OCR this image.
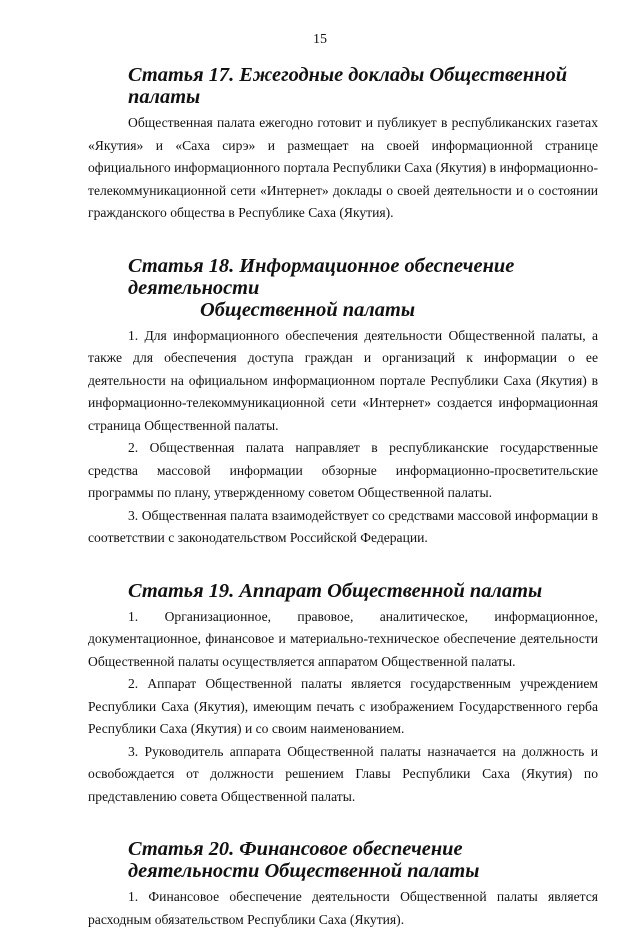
15
Статья 17. Ежегодные доклады Общественной палаты

Общественная палата ежегодно готовит и публикует в республиканских газетах «Якутия» и «Саха сирэ» и размещает на своей информационной странице официального информационного портала Республики Саха (Якутия) в информационно-телекоммуникационной сети «Интернет» доклады о своей деятельности и о состоянии гражданского общества в Республике Саха (Якутия).

Статья 18. Информационное обеспечение деятельности
Общественной палаты

1. Для информационного обеспечения деятельности Общественной палаты, а также для обеспечения доступа граждан и организаций к информации о ее деятельности на официальном информационном портале Республики Саха (Якутия) в информационно-телекоммуникационной сети «Интернет» создается информационная страница Общественной палаты.

2. Общественная палата направляет в республиканские государственные средства массовой информации обзорные информационно-просветительские программы по плану, утвержденному советом Общественной палаты.

3. Общественная палата взаимодействует со средствами массовой информации в соответствии с законодательством Российской Федерации.

Статья 19. Аппарат Общественной палаты

1. Организационное, правовое, аналитическое, информационное, документационное, финансовое и материально-техническое обеспечение деятельности Общественной палаты осуществляется аппаратом Общественной палаты.

2. Аппарат Общественной палаты является государственным учреждением Республики Саха (Якутия), имеющим печать с изображением Государственного герба Республики Саха (Якутия) и со своим наименованием.

3. Руководитель аппарата Общественной палаты назначается на должность и освобождается от должности решением Главы Республики Саха (Якутия) по представлению совета Общественной палаты.

Статья 20. Финансовое обеспечение деятельности Общественной палаты

1. Финансовое обеспечение деятельности Общественной палаты является расходным обязательством Республики Саха (Якутия).
